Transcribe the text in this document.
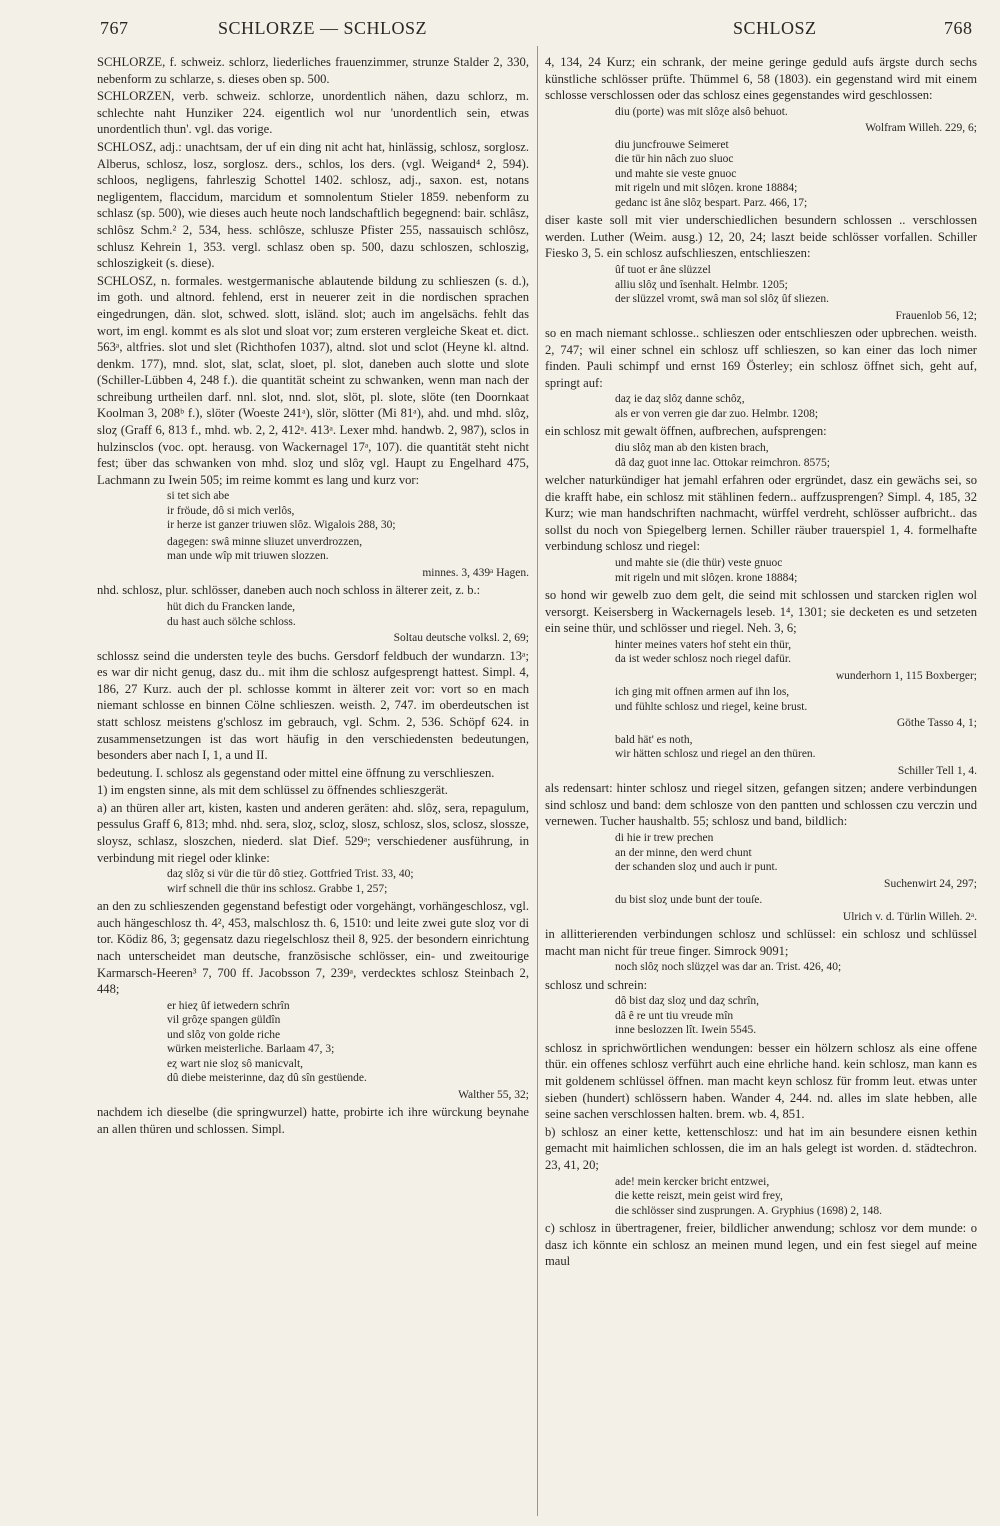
767	SCHLORZE — SCHLOSZ	SCHLOSZ	768

SCHLORZE, f. schweiz. schlorz, liederliches frauenzimmer, strunze Stalder 2, 330, nebenform zu schlarze, s. dieses oben sp. 500.

SCHLORZEN, verb. schweiz. schlorze, unordentlich nähen, dazu schlorz, m. schlechte naht Hunziker 224. eigentlich wol nur 'unordentlich sein, etwas unordentlich thun'. vgl. das vorige.

SCHLOSZ, adj.: unachtsam, der uf ein ding nit acht hat, hinlässig, schlosz, sorglosz. Alberus, schlosz, losz, sorglosz. ders., schlos, los ders. (vgl. Weigand⁴ 2, 594). schloos, negligens, fahrleszig Schottel 1402. schlosz, adj., saxon. est, notans negligentem, flaccidum, marcidum et somnolentum Stieler 1859. nebenform zu schlasz (sp. 500), wie dieses auch heute noch landschaftlich begegnend: bair. schlâsz, schlôsz Schm.² 2, 534, hess. schlôsze, schlusze Pfister 255, nassauisch schlôsz, schlusz Kehrein 1, 353. vergl. schlasz oben sp. 500, dazu schloszen, schloszig, schloszigkeit (s. diese).

SCHLOSZ, n. formales. westgermanische ablautende bildung zu schlieszen (s. d.), im goth. und altnord. fehlend, erst in neuerer zeit in die nordischen sprachen eingedrungen, dän. slot, schwed. slott, isländ. slot; auch im angelsächs. fehlt das wort, im engl. kommt es als slot und sloat vor; zum ersteren vergleiche Skeat et. dict. 563ᵃ, altfries. slot und slet (Richthofen 1037), altnd. slot und sclot (Heyne kl. altnd. denkm. 177), mnd. slot, slat, sclat, sloet, pl. slot, daneben auch slotte und slote (Schiller-Lübben 4, 248 f.). die quantität scheint zu schwanken, wenn man nach der schreibung urtheilen darf. nnl. slot, nnd. slot, slöt, pl. slote, slöte (ten Doornkaat Koolman 3, 208ᵇ f.), slöter (Woeste 241ᵃ), slör, slötter (Mi 81ᵃ), ahd. und mhd. slôȥ, sloȥ (Graff 6, 813 f., mhd. wb. 2, 2, 412ᵃ. 413ᵃ. Lexer mhd. handwb. 2, 987), sclos in hulzinsclos (voc. opt. herausg. von Wackernagel 17ᵃ, 107). die quantität steht nicht fest; über das schwanken von mhd. sloȥ und slôȥ vgl. Haupt zu Engelhard 475, Lachmann zu Iwein 505; im reime kommt es lang und kurz vor:

si tet sich abe
ir fröude, dô si mich verlôs,
ir herze ist ganzer triuwen slôz. Wigalois 288, 30;
dagegen: swâ minne sliuzet unverdrozzen,
man unde wîp mit triuwen slozzen.
minnes. 3, 439ᵃ Hagen.

nhd. schlosz, plur. schlösser, daneben auch noch schloss in älterer zeit, z. b.:

hüt dich du Francken lande,
du hast auch sölche schloss.
Soltau deutsche volksl. 2, 69;

schlossz seind die understen teyle des buchs. Gersdorf feldbuch der wundarzn. 13ᵃ; es war dir nicht genug, dasz du.. mit ihm die schlosz aufgesprengt hattest. Simpl. 4, 186, 27 Kurz. auch der pl. schlosse kommt in älterer zeit vor: vort so en mach niemant schlosse en binnen Cölne schlieszen. weisth. 2, 747. im oberdeutschen ist statt schlosz meistens g'schlosz im gebrauch, vgl. Schm. 2, 536. Schöpf 624. in zusammensetzungen ist das wort häufig in den verschiedensten bedeutungen, besonders aber nach I, 1, a und II.

bedeutung. I. schlosz als gegenstand oder mittel eine öffnung zu verschlieszen.

1) im engsten sinne, als mit dem schlüssel zu öffnendes schlieszgerät.

a) an thüren aller art, kisten, kasten und anderen geräten: ahd. slôȥ, sera, repagulum, pessulus Graff 6, 813; mhd. nhd. sera, sloȥ, scloȥ, slosz, schlosz, slos, sclosz, slossze, sloysz, schlasz, sloszchen, niederd. slat Dief. 529ᵃ; verschiedener ausführung, in verbindung mit riegel oder klinke:

daȥ slôȥ si vür die tür dô stieȥ. Gottfried Trist. 33, 40;
wirf schnell die thür ins schlosz. Grabbe 1, 257;

an den zu schlieszenden gegenstand befestigt oder vorgehängt, vorhängeschlosz, vgl. auch hängeschlosz th. 4², 453, malschlosz th. 6, 1510: und leite zwei gute sloȥ vor di tor. Ködiz 86, 3; gegensatz dazu riegelschlosz theil 8, 925. der besondern einrichtung nach unterscheidet man deutsche, französische schlösser, ein- und zweitourige Karmarsch-Heeren³ 7, 700 ff. Jacobsson 7, 239ᵃ, verdecktes schlosz Steinbach 2, 448;

er hieȥ ûf ietwedern schrîn
vil grôȥe spangen güldîn
und slôȥ von golde riche
würken meisterliche. Barlaam 47, 3;
eȥ wart nie sloȥ sô manicvalt,
dû diebe meisterinne, daȥ dû sîn gestüende.
Walther 55, 32;

nachdem ich dieselbe (die springwurzel) hatte, probirte ich ihre würckung beynahe an allen thüren und schlossen. Simpl.

4, 134, 24 Kurz; ein schrank, der meine geringe geduld aufs ärgste durch sechs künstliche schlösser prüfte. Thümmel 6, 58 (1803). ein gegenstand wird mit einem schlosse verschlossen oder das schlosz eines gegenstandes wird geschlossen:

diu (porte) was mit slôȥe alsô behuot.
Wolfram Willeh. 229, 6;
diu juncfrouwe Seimeret
die tür hin nâch zuo sluoc
und mahte sie veste gnuoc
mit rigeln und mit slôȥen. krone 18884;
gedanc ist âne slôȥ bespart. Parz. 466, 17;

diser kaste soll mit vier underschiedlichen besundern schlossen .. verschlossen werden. Luther (Weim. ausg.) 12, 20, 24; laszt beide schlösser vorfallen. Schiller Fiesko 3, 5. ein schlosz aufschlieszen, entschlieszen:

ûf tuot er âne slüzzel
alliu slôȥ und îsenhalt. Helmbr. 1205;
der slüzzel vromt, swâ man sol slôȥ ûf sliezen.
Frauenlob 56, 12;

so en mach niemant schlosse.. schlieszen oder entschlieszen oder upbrechen. weisth. 2, 747; wil einer schnel ein schlosz uff schlieszen, so kan einer das loch nimer finden. Pauli schimpf und ernst 169 Österley; ein schlosz öffnet sich, geht auf, springt auf:

daȥ ie daȥ slôȥ danne schôȥ,
als er von verren gie dar zuo. Helmbr. 1208;

ein schlosz mit gewalt öffnen, aufbrechen, aufsprengen:

diu slôȥ man ab den kisten brach,
dâ daȥ guot inne lac. Ottokar reimchron. 8575;

welcher naturkündiger hat jemahl erfahren oder ergründet, dasz ein gewächs sei, so die krafft habe, ein schlosz mit stählinen federn.. auffzusprengen? Simpl. 4, 185, 32 Kurz; wie man handschriften nachmacht, würffel verdreht, schlösser aufbricht.. das sollst du noch von Spiegelberg lernen. Schiller räuber trauerspiel 1, 4. formelhafte verbindung schlosz und riegel:

und mahte sie (die thür) veste gnuoc
mit rigeln und mit slôȥen. krone 18884;

so hond wir gewelb zuo dem gelt, die seind mit schlossen und starcken riglen wol versorgt. Keisersberg in Wackernagels leseb. 1⁴, 1301; sie decketen es und setzeten ein seine thür, und schlösser und riegel. Neh. 3, 6;

hinter meines vaters hof steht ein thür,
da ist weder schlosz noch riegel dafür.
wunderhorn 1, 115 Boxberger;
ich ging mit offnen armen auf ihn los,
und fühlte schlosz und riegel, keine brust.
Göthe Tasso 4, 1;
bald hät' es noth,
wir hätten schlosz und riegel an den thüren.
Schiller Tell 1, 4.

als redensart: hinter schlosz und riegel sitzen, gefangen sitzen; andere verbindungen sind schlosz und band: dem schlosze von den pantten und schlossen czu verczin und vernewen. Tucher haushaltb. 55; schlosz und band, bildlich:

di hie ir trew prechen
an der minne, den werd chunt
der schanden sloȥ und auch ir punt.
Suchenwirt 24, 297;
du bist sloȥ unde bunt der touſe.
Ulrich v. d. Türlin Willeh. 2ᵃ.

in allitterierenden verbindungen schlosz und schlüssel: ein schlosz und schlüssel macht man nicht für treue finger. Simrock 9091;

noch slôȥ noch slüȥȥel was dar an. Trist. 426, 40;

schlosz und schrein:

dô bist daȥ sloȥ und daȥ schrîn,
dâ ê re unt tiu vreude mîn
inne beslozzen lît. Iwein 5545.

schlosz in sprichwörtlichen wendungen: besser ein hölzern schlosz als eine offene thür. ein offenes schlosz verführt auch eine ehrliche hand. kein schlosz, man kann es mit goldenem schlüssel öffnen. man macht keyn schlosz für fromm leut. etwas unter sieben (hundert) schlössern haben. Wander 4, 244. nd. alles im slate hebben, alle seine sachen verschlossen halten. brem. wb. 4, 851.

b) schlosz an einer kette, kettenschlosz: und hat im ain besundere eisnen kethin gemacht mit haimlichen schlossen, die im an hals gelegt ist worden. d. städtechron. 23, 41, 20;

ade! mein kercker bricht entzwei,
die kette reiszt, mein geist wird frey,
die schlösser sind zusprungen. A. Gryphius (1698) 2, 148.

c) schlosz in übertragener, freier, bildlicher anwendung; schlosz vor dem munde: o dasz ich könnte ein schlosz an meinen mund legen, und ein fest siegel auf meine maul
